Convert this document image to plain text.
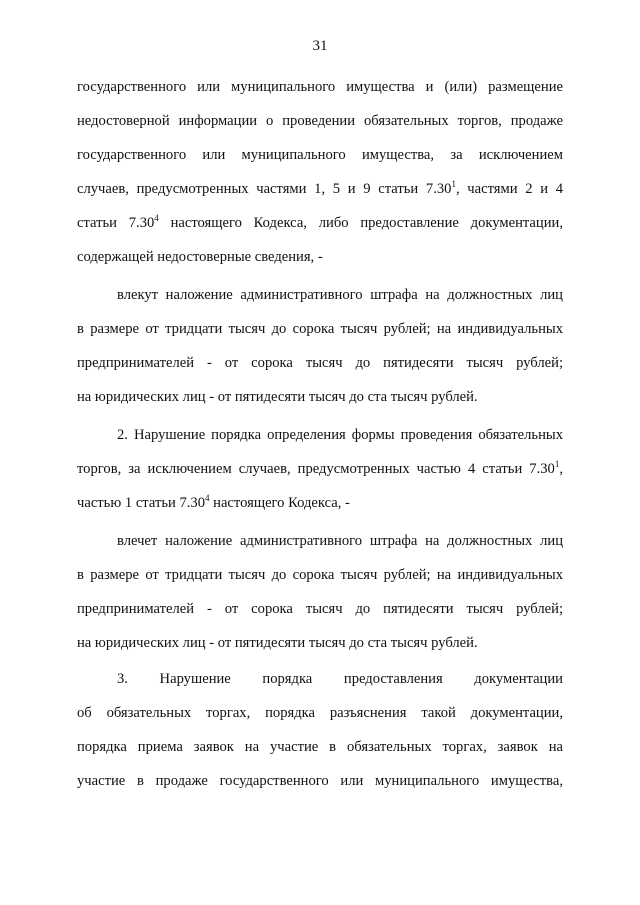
31
государственного или муниципального имущества и (или) размещение
недостоверной информации о проведении обязательных торгов, продаже
государственного или муниципального имущества, за исключением
случаев, предусмотренных частями 1, 5 и 9 статьи 7.30$^1$, частями 2 и 4
статьи 7.30$^4$ настоящего Кодекса, либо предоставление документации,
содержащей недостоверные сведения, -
влекут наложение административного штрафа на должностных лиц
в размере от тридцати тысяч до сорока тысяч рублей; на индивидуальных
предпринимателей - от сорока тысяч до пятидесяти тысяч рублей;
на юридических лиц - от пятидесяти тысяч до ста тысяч рублей.
2. Нарушение порядка определения формы проведения обязательных
торгов, за исключением случаев, предусмотренных частью 4 статьи 7.30$^1$,
частью 1 статьи 7.30$^4$ настоящего Кодекса, -
влечет наложение административного штрафа на должностных лиц
в размере от тридцати тысяч до сорока тысяч рублей; на индивидуальных
предпринимателей - от сорока тысяч до пятидесяти тысяч рублей;
на юридических лиц - от пятидесяти тысяч до ста тысяч рублей.
3. Нарушение порядка предоставления документации
об обязательных торгах, порядка разъяснения такой документации,
порядка приема заявок на участие в обязательных торгах, заявок на
участие в продаже государственного или муниципального имущества,
